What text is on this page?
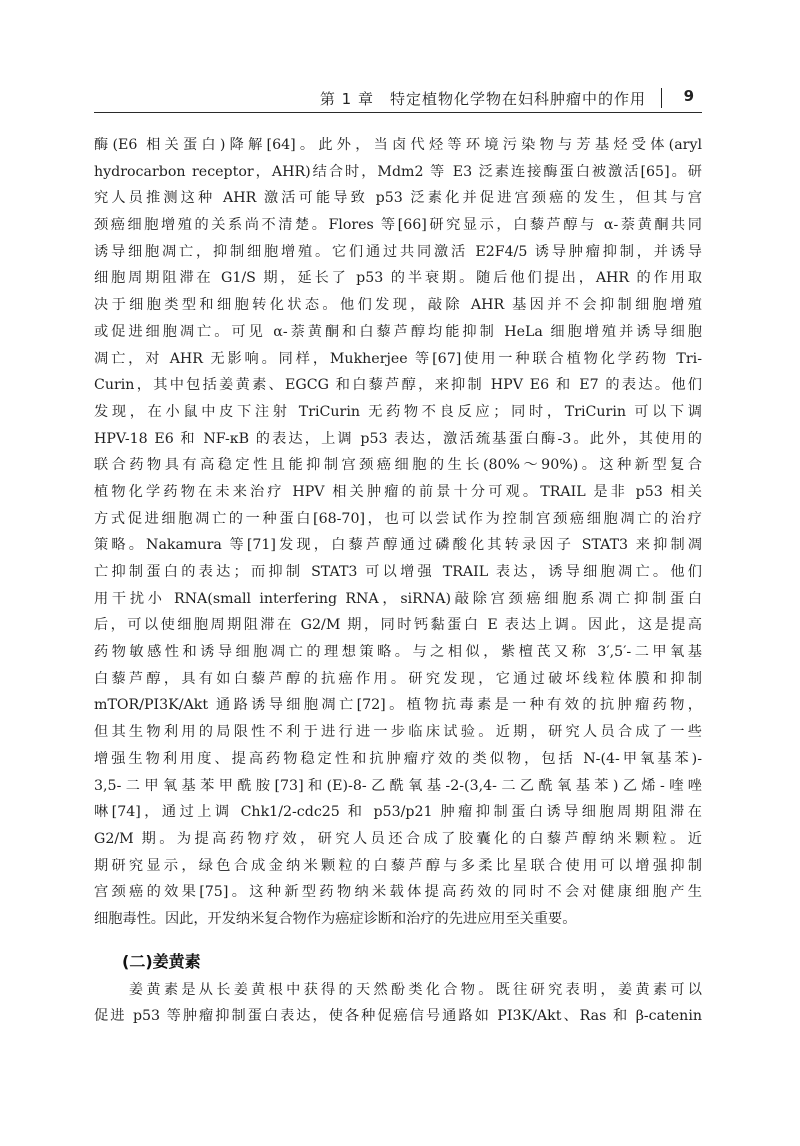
第 1 章　特定植物化学物在妇科肿瘤中的作用	9
酶(E6 相关蛋白)降解[64]。此外，当卤代烃等环境污染物与芳基烃受体(aryl
hydrocarbon receptor，AHR)结合时，Mdm2 等 E3 泛素连接酶蛋白被激活[65]。研
究人员推测这种 AHR 激活可能导致 p53 泛素化并促进宫颈癌的发生，但其与宫
颈癌细胞增殖的关系尚不清楚。Flores 等[66]研究显示，白藜芦醇与 α-萘黄酮共同
诱导细胞凋亡，抑制细胞增殖。它们通过共同激活 E2F4/5 诱导肿瘤抑制，并诱导
细胞周期阻滞在 G1/S 期，延长了 p53 的半衰期。随后他们提出，AHR 的作用取
决于细胞类型和细胞转化状态。他们发现，敲除 AHR 基因并不会抑制细胞增殖
或促进细胞凋亡。可见 α-萘黄酮和白藜芦醇均能抑制 HeLa 细胞增殖并诱导细胞
凋亡，对 AHR 无影响。同样，Mukherjee 等[67]使用一种联合植物化学药物 Tri-
Curin，其中包括姜黄素、EGCG 和白藜芦醇，来抑制 HPV E6 和 E7 的表达。他们
发现，在小鼠中皮下注射 TriCurin 无药物不良反应；同时，TriCurin 可以下调
HPV-18 E6 和 NF-κB 的表达，上调 p53 表达，激活巯基蛋白酶-3。此外，其使用的
联合药物具有高稳定性且能抑制宫颈癌细胞的生长(80%～90%)。这种新型复合
植物化学药物在未来治疗 HPV 相关肿瘤的前景十分可观。TRAIL 是非 p53 相关
方式促进细胞凋亡的一种蛋白[68-70]，也可以尝试作为控制宫颈癌细胞凋亡的治疗
策略。Nakamura 等[71]发现，白藜芦醇通过磷酸化其转录因子 STAT3 来抑制凋
亡抑制蛋白的表达；而抑制 STAT3 可以增强 TRAIL 表达，诱导细胞凋亡。他们
用干扰小 RNA(small interfering RNA，siRNA)敲除宫颈癌细胞系凋亡抑制蛋白
后，可以使细胞周期阻滞在 G2/M 期，同时钙黏蛋白 E 表达上调。因此，这是提高
药物敏感性和诱导细胞凋亡的理想策略。与之相似，紫檀芪又称 3′,5′-二甲氧基
白藜芦醇，具有如白藜芦醇的抗癌作用。研究发现，它通过破坏线粒体膜和抑制
mTOR/PI3K/Akt 通路诱导细胞凋亡[72]。植物抗毒素是一种有效的抗肿瘤药物，
但其生物利用的局限性不利于进行进一步临床试验。近期，研究人员合成了一些
增强生物利用度、提高药物稳定性和抗肿瘤疗效的类似物，包括 N-(4-甲氧基苯)-
3,5-二甲氧基苯甲酰胺[73]和(E)-8-乙酰氧基-2-(3,4-二乙酰氧基苯)乙烯-喹唑
啉[74]，通过上调 Chk1/2-cdc25 和 p53/p21 肿瘤抑制蛋白诱导细胞周期阻滞在
G2/M 期。为提高药物疗效，研究人员还合成了胶囊化的白藜芦醇纳米颗粒。近
期研究显示，绿色合成金纳米颗粒的白藜芦醇与多柔比星联合使用可以增强抑制
宫颈癌的效果[75]。这种新型药物纳米载体提高药效的同时不会对健康细胞产生
细胞毒性。因此，开发纳米复合物作为癌症诊断和治疗的先进应用至关重要。
(二)姜黄素
　　姜黄素是从长姜黄根中获得的天然酚类化合物。既往研究表明，姜黄素可以
促进 p53 等肿瘤抑制蛋白表达，使各种促癌信号通路如 PI3K/Akt、Ras 和 β-catenin
